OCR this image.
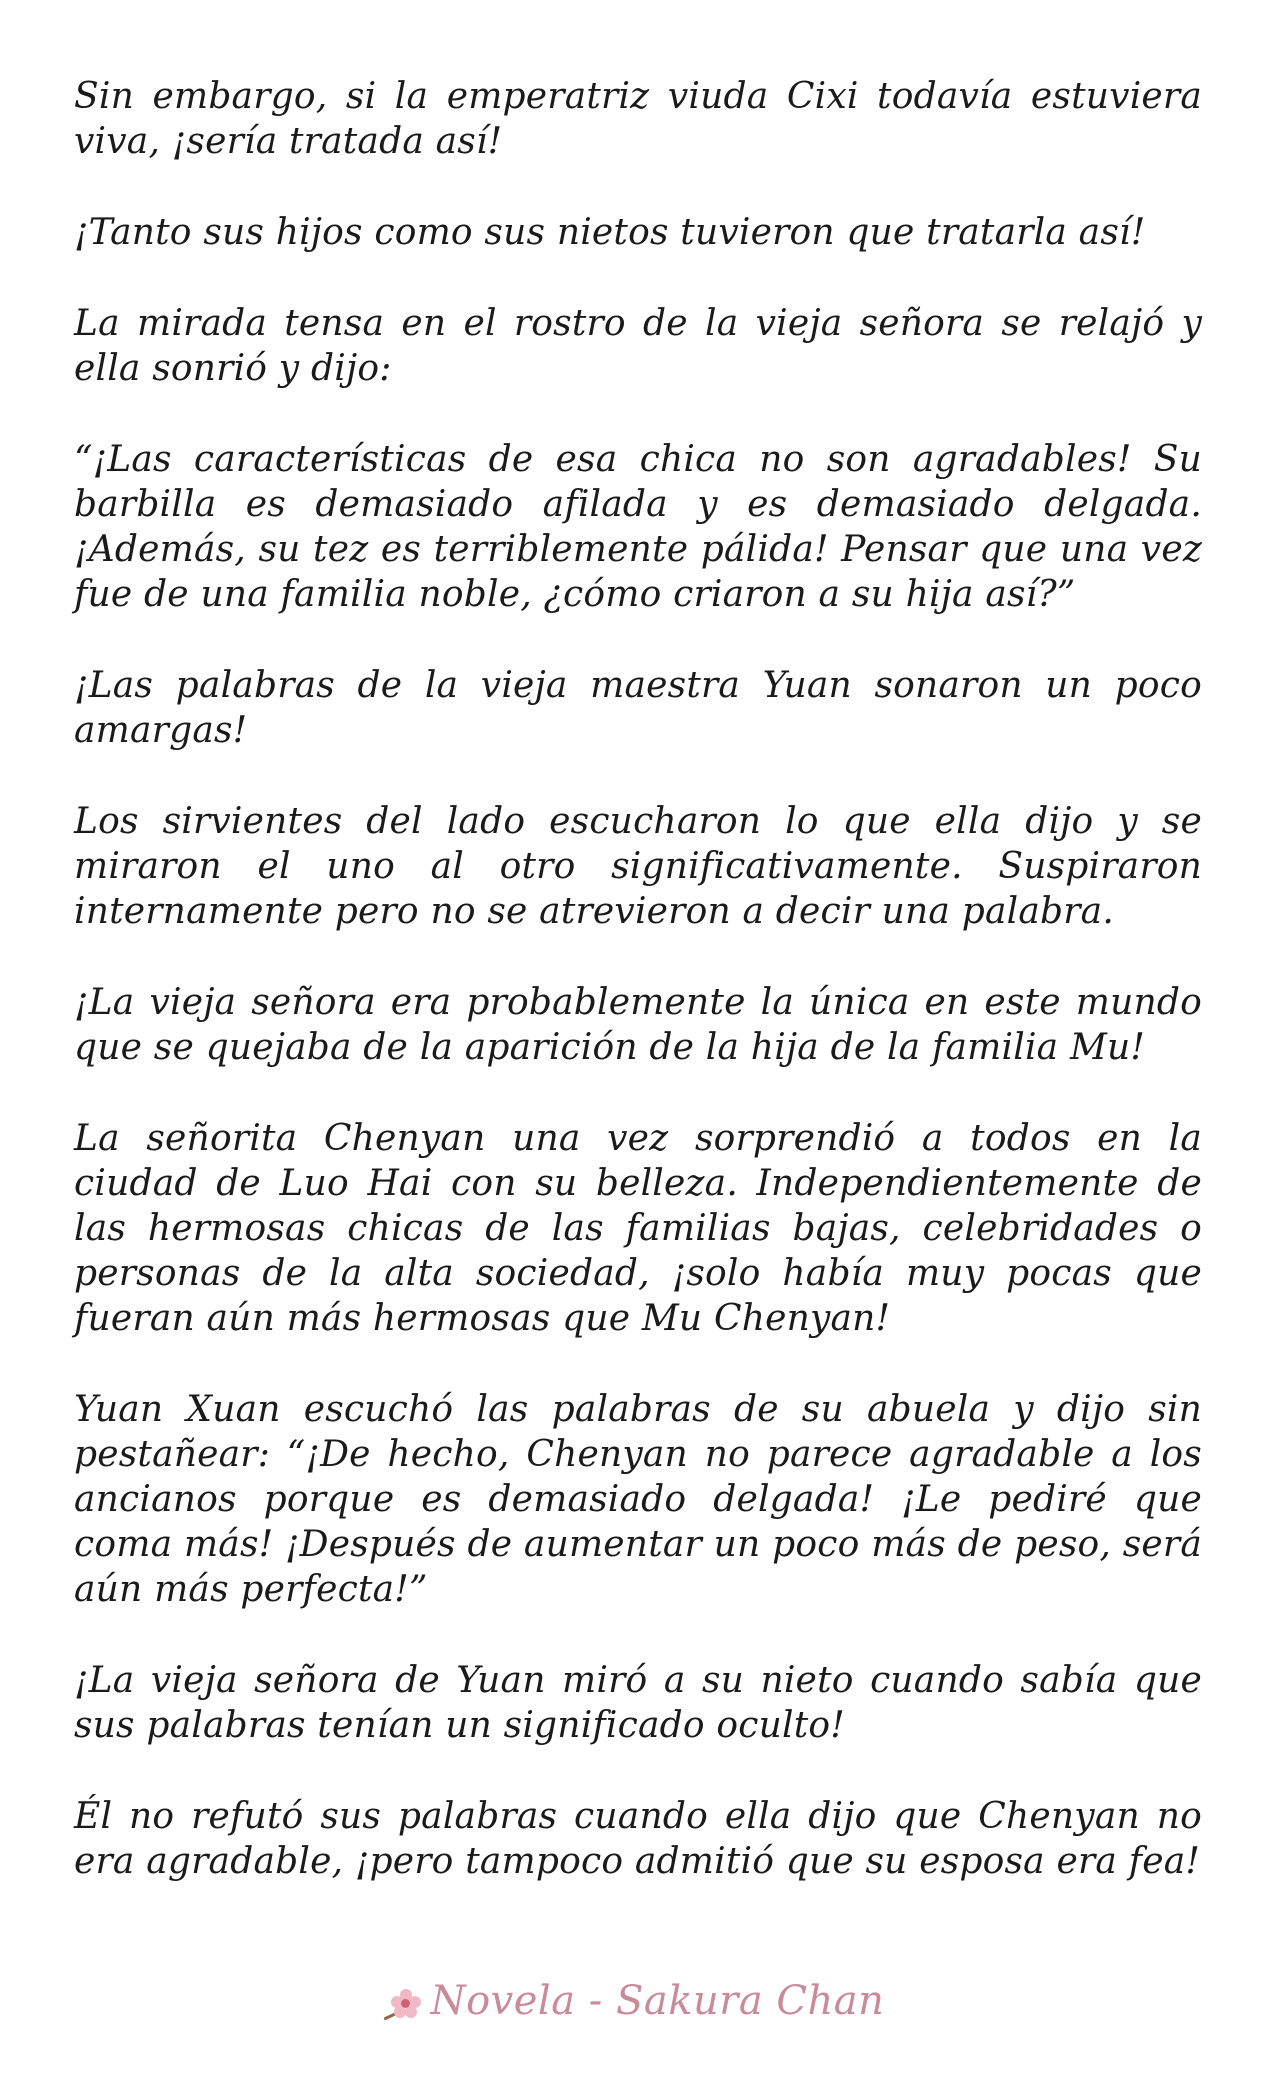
Sin embargo, si la emperatriz viuda Cixi todavía estuviera viva, ¡sería tratada así!

¡Tanto sus hijos como sus nietos tuvieron que tratarla así!

La mirada tensa en el rostro de la vieja señora se relajó y ella sonrió y dijo:

“¡Las características de esa chica no son agradables! Su barbilla es demasiado afilada y es demasiado delgada. ¡Además, su tez es terriblemente pálida! Pensar que una vez fue de una familia noble, ¿cómo criaron a su hija así?”

¡Las palabras de la vieja maestra Yuan sonaron un poco amargas!

Los sirvientes del lado escucharon lo que ella dijo y se miraron el uno al otro significativamente. Suspiraron internamente pero no se atrevieron a decir una palabra.

¡La vieja señora era probablemente la única en este mundo que se quejaba de la aparición de la hija de la familia Mu!

La señorita Chenyan una vez sorprendió a todos en la ciudad de Luo Hai con su belleza. Independientemente de las hermosas chicas de las familias bajas, celebridades o personas de la alta sociedad, ¡solo había muy pocas que fueran aún más hermosas que Mu Chenyan!

Yuan Xuan escuchó las palabras de su abuela y dijo sin pestañear: “¡De hecho, Chenyan no parece agradable a los ancianos porque es demasiado delgada! ¡Le pediré que coma más! ¡Después de aumentar un poco más de peso, será aún más perfecta!”

¡La vieja señora de Yuan miró a su nieto cuando sabía que sus palabras tenían un significado oculto!

Él no refutó sus palabras cuando ella dijo que Chenyan no era agradable, ¡pero tampoco admitió que su esposa era fea!

Novela - Sakura Chan
